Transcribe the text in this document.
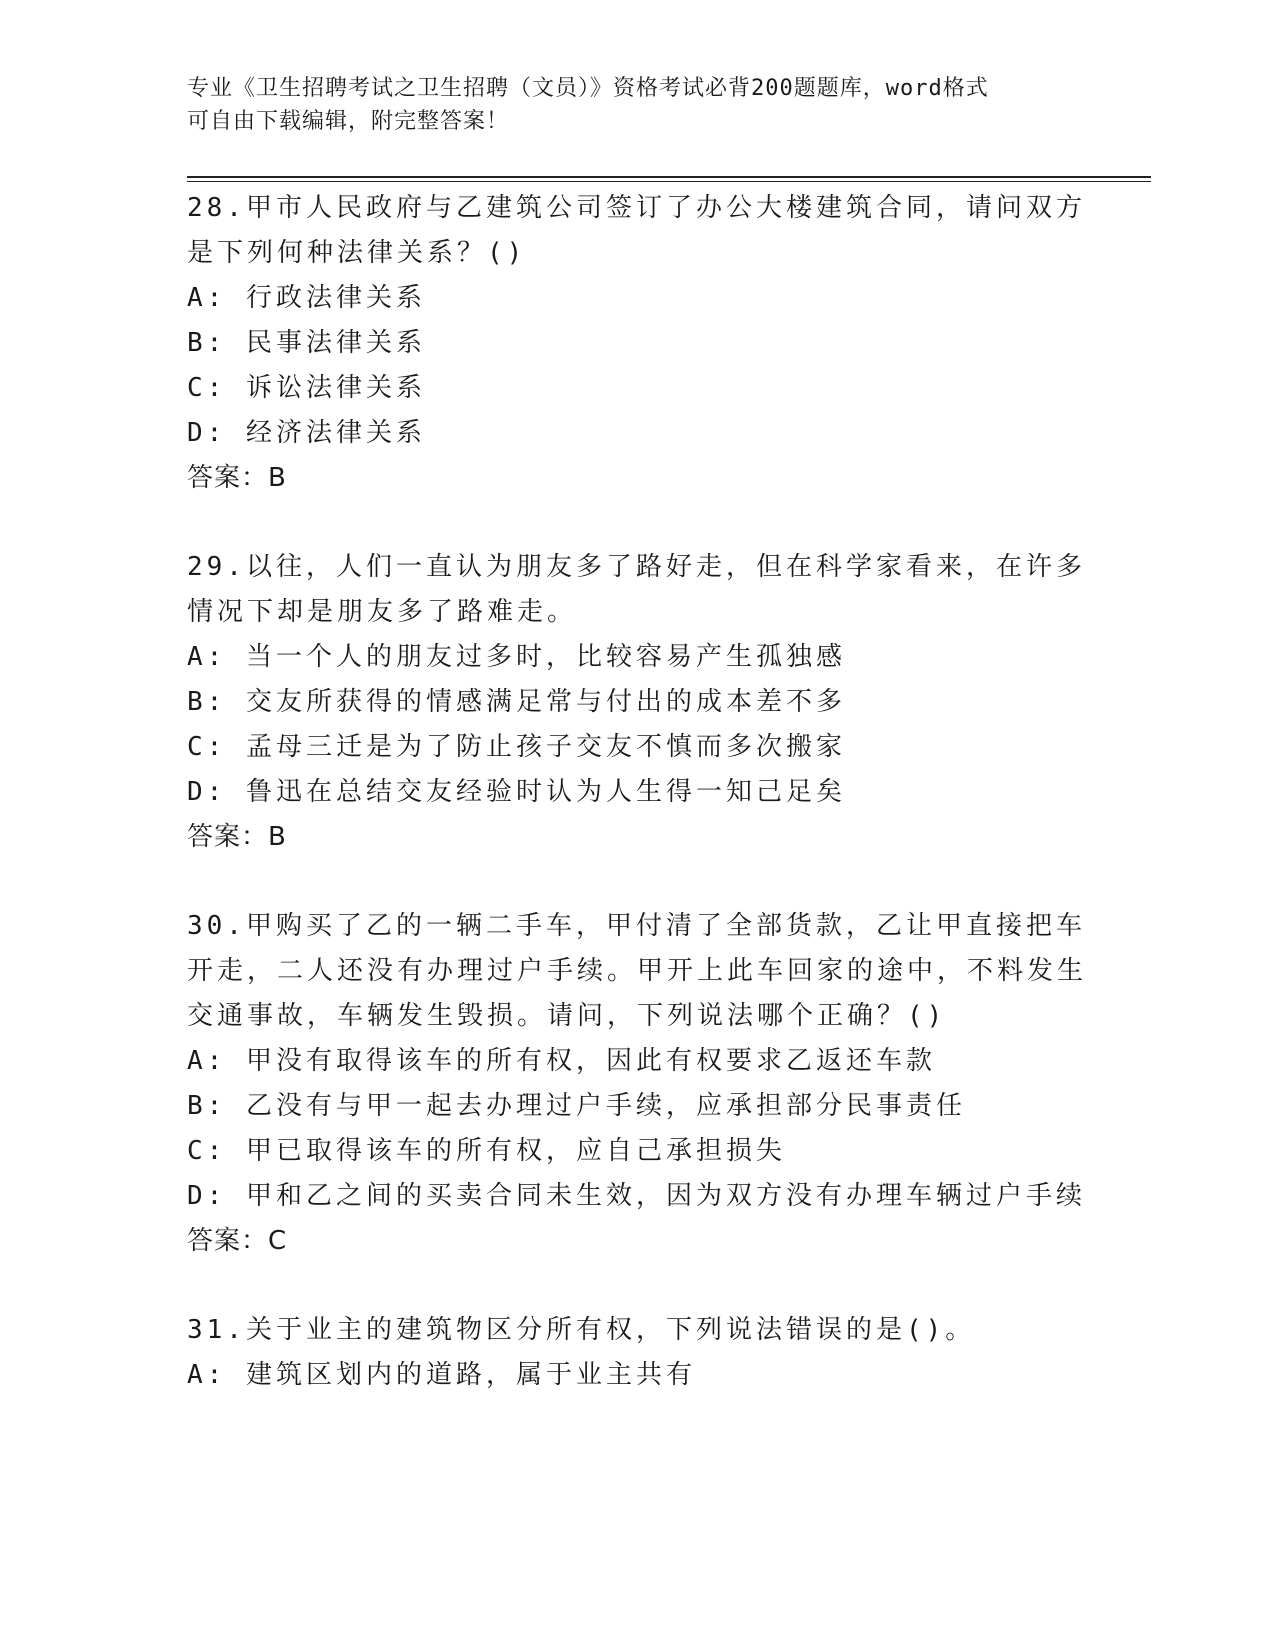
专业《卫生招聘考试之卫生招聘（文员）》资格考试必背200题题库，word格式
可自由下载编辑，附完整答案！
28.甲市人民政府与乙建筑公司签订了办公大楼建筑合同，请问双方是下列何种法律关系？()
A: 行政法律关系
B: 民事法律关系
C: 诉讼法律关系
D: 经济法律关系
答案：B
29.以往，人们一直认为朋友多了路好走，但在科学家看来，在许多情况下却是朋友多了路难走。
A: 当一个人的朋友过多时，比较容易产生孤独感
B: 交友所获得的情感满足常与付出的成本差不多
C: 孟母三迁是为了防止孩子交友不慎而多次搬家
D: 鲁迅在总结交友经验时认为人生得一知己足矣
答案：B
30.甲购买了乙的一辆二手车，甲付清了全部货款，乙让甲直接把车开走，二人还没有办理过户手续。甲开上此车回家的途中，不料发生交通事故，车辆发生毁损。请问，下列说法哪个正确？()
A: 甲没有取得该车的所有权，因此有权要求乙返还车款
B: 乙没有与甲一起去办理过户手续，应承担部分民事责任
C: 甲已取得该车的所有权，应自己承担损失
D: 甲和乙之间的买卖合同未生效，因为双方没有办理车辆过户手续
答案：C
31.关于业主的建筑物区分所有权，下列说法错误的是()。
A: 建筑区划内的道路，属于业主共有
